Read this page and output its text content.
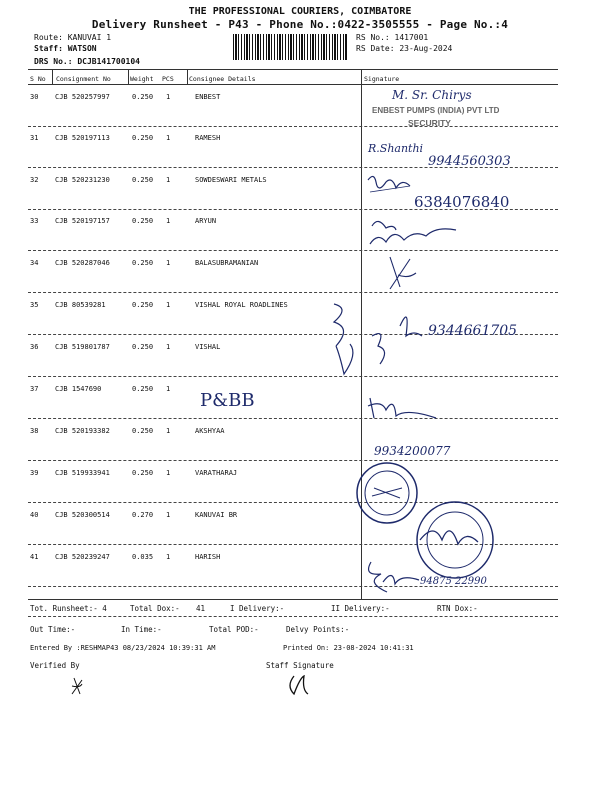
THE PROFESSIONAL COURIERS, COIMBATORE
Delivery Runsheet - P43 - Phone No.:0422-3505555 - Page No.:4
Route: KANUVAI 1
Staff: WATSON
DRS No.: DCJB141700104
RS No.: 1417001
RS Date: 23-Aug-2024
S No Consignment No	Weight PCS Consignee Details	Signature
30 CJB 520257997	0.250 1	ENBEST
31 CJB 520197113	0.250 1	RAMESH
32 CJB 520231230	0.250 1	SOWDESWARI METALS
33 CJB 520197157	0.250 1	ARYUN
34 CJB 520287046	0.250 1	BALASUBRAMANIAN
35 CJB 80539281	0.250 1	VISHAL ROYAL ROADLINES
36 CJB 519801787	0.250 1	VISHAL
37 CJB 1547690	0.250 1
38 CJB 520193382	0.250 1	AKSHYAA
39 CJB 519933941	0.250 1	VARATHARAJ
40 CJB 520300514	0.270 1	KANUVAI BR
41 CJB 520239247	0.035 1	HARISH
M. Sr. Chirys
ENBEST PUMPS (INDIA) PVT LTD
SECURITY
R.Shanthi
9944560303
6384076840
9344661705
P&BB
9934200077
94875 22990
Tot. Runsheet:- 4	Total Dox:- 41	I Delivery:-	II Delivery:-	RTN Dox:-
Out Time:-	In Time:-	Total POD:-	Delvy Points:-
Entered By :RESHMAP43 08/23/2024 10:39:31 AM	Printed On: 23-08-2024 10:41:31
Verified By	Staff Signature
